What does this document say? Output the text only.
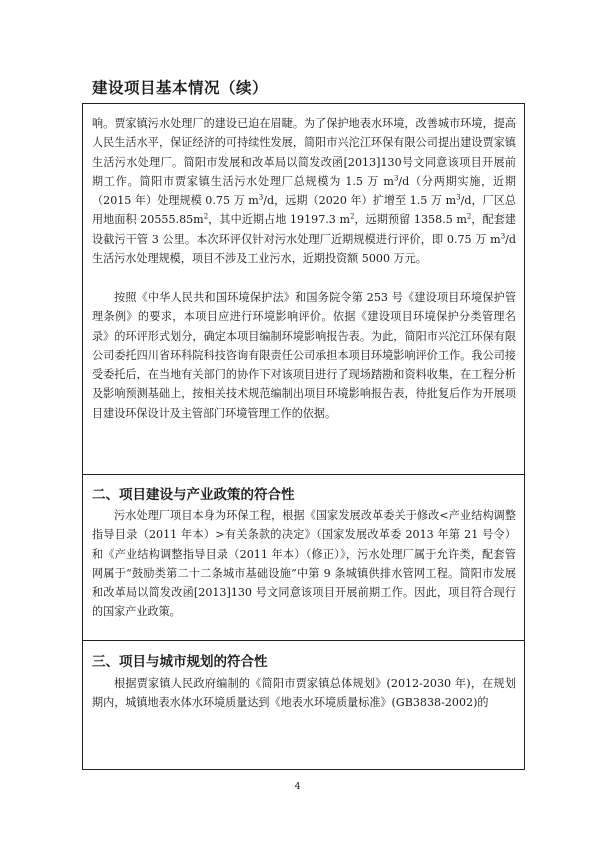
建设项目基本情况（续）

响。贾家镇污水处理厂的建设已迫在眉睫。为了保护地表水环境，改善城市环境，提高人民生活水平，保证经济的可持续性发展，简阳市兴沱江环保有限公司提出建设贾家镇生活污水处理厂。简阳市发展和改革局以简发改函[2013]130号文同意该项目开展前期工作。简阳市贾家镇生活污水处理厂总规模为 1.5 万 $m^3/d$（分两期实施，近期（2015 年）处理规模 0.75 万 $m^3/d$，远期（2020 年）扩增至 1.5 万 $m^3/d$，厂区总用地面积 $20555.85m^2$，其中近期占地 19197.3 $m^2$，远期预留 1358.5 $m^2$，配套建设截污干管 3 公里。本次环评仅针对污水处理厂近期规模进行评价，即 0.75 万 $m^3/d$ 生活污水处理规模，项目不涉及工业污水，近期投资额 5000 万元。

按照《中华人民共和国环境保护法》和国务院令第 253 号《建设项目环境保护管理条例》的要求，本项目应进行环境影响评价。依据《建设项目环境保护分类管理名录》的环评形式划分，确定本项目编制环境影响报告表。为此，简阳市兴沱江环保有限公司委托四川省环科院科技咨询有限责任公司承担本项目环境影响评价工作。我公司接受委托后，在当地有关部门的协作下对该项目进行了现场踏勘和资料收集，在工程分析及影响预测基础上，按相关技术规范编制出项目环境影响报告表，待批复后作为开展项目建设环保设计及主管部门环境管理工作的依据。

二、项目建设与产业政策的符合性

污水处理厂项目本身为环保工程，根据《国家发展改革委关于修改<产业结构调整指导目录（2011 年本）>有关条款的决定》（国家发展改革委 2013 年第 21 号令）和《产业结构调整指导目录（2011 年本）（修正）》，污水处理厂属于允许类，配套管网属于“鼓励类第二十二条城市基础设施”中第 9 条城镇供排水管网工程。简阳市发展和改革局以简发改函[2013]130 号文同意该项目开展前期工作。因此，项目符合现行的国家产业政策。

三、项目与城市规划的符合性

根据贾家镇人民政府编制的《简阳市贾家镇总体规划》(2012-2030 年)，在规划期内，城镇地表水体水环境质量达到《地表水环境质量标准》(GB3838-2002)的

4
